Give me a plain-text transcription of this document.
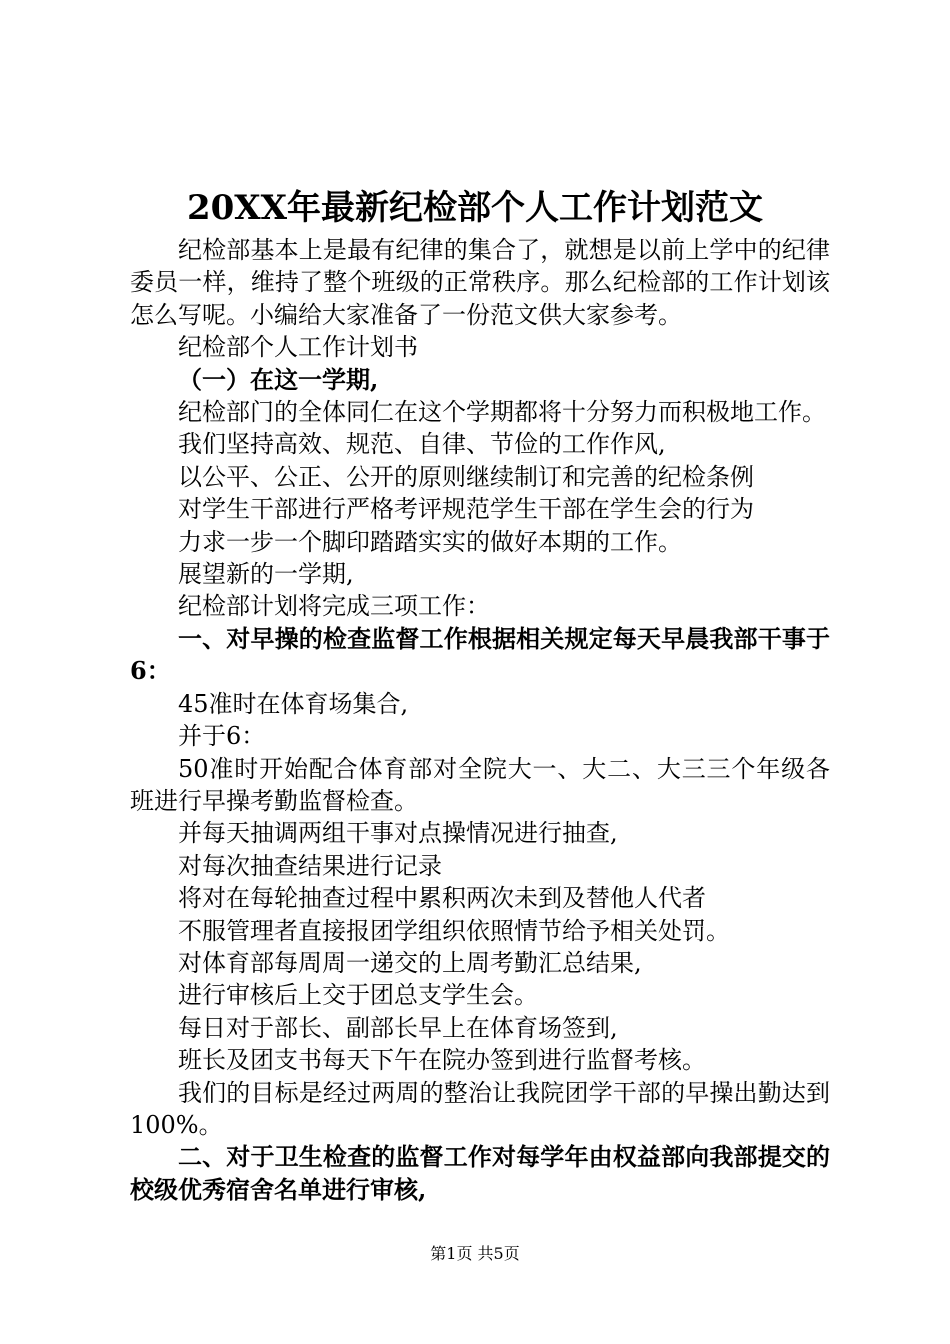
20XX年最新纪检部个人工作计划范文

纪检部基本上是最有纪律的集合了，就想是以前上学中的纪律委员一样，维持了整个班级的正常秩序。那么纪检部的工作计划该怎么写呢。小编给大家准备了一份范文供大家参考。

纪检部个人工作计划书

（一）在这一学期,

纪检部门的全体同仁在这个学期都将十分努力而积极地工作。

我们坚持高效、规范、自律、节俭的工作作风,

以公平、公正、公开的原则继续制订和完善的纪检条例

对学生干部进行严格考评规范学生干部在学生会的行为

力求一步一个脚印踏踏实实的做好本期的工作。

展望新的一学期,

纪检部计划将完成三项工作：

一、对早操的检查监督工作根据相关规定每天早晨我部干事于6：

45准时在体育场集合,

并于6：

50准时开始配合体育部对全院大一、大二、大三三个年级各班进行早操考勤监督检查。

并每天抽调两组干事对点操情况进行抽查,

对每次抽查结果进行记录

将对在每轮抽查过程中累积两次未到及替他人代者

不服管理者直接报团学组织依照情节给予相关处罚。

对体育部每周周一递交的上周考勤汇总结果,

进行审核后上交于团总支学生会。

每日对于部长、副部长早上在体育场签到,

班长及团支书每天下午在院办签到进行监督考核。

我们的目标是经过两周的整治让我院团学干部的早操出勤达到100%。

二、对于卫生检查的监督工作对每学年由权益部向我部提交的校级优秀宿舍名单进行审核,

第1页 共5页
